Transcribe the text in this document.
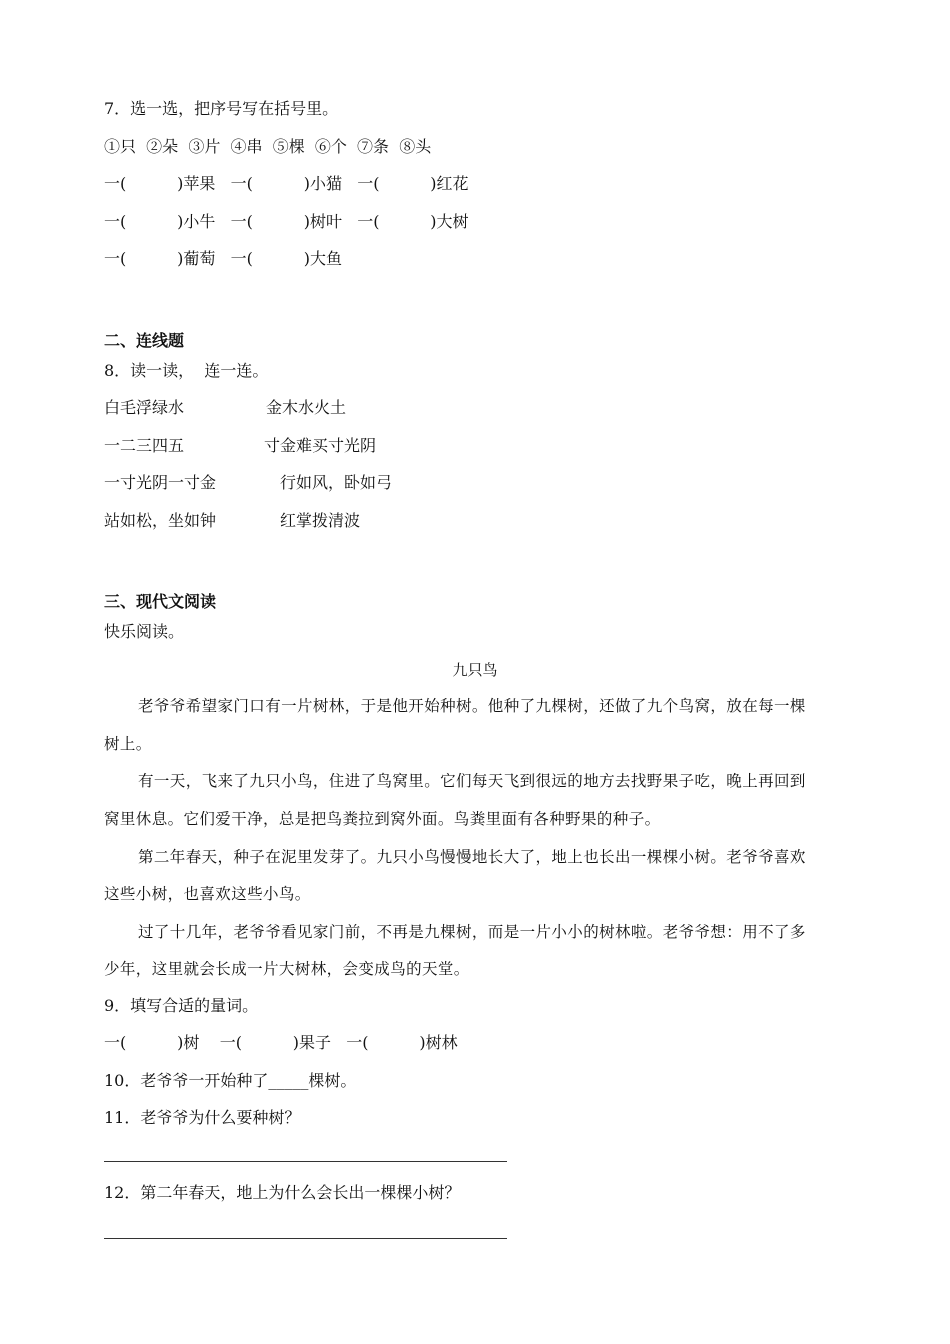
7．选一选，把序号写在括号里。
①只  ②朵  ③片  ④串  ⑤棵  ⑥个  ⑦条  ⑧头
一(          )苹果   一(          )小猫   一(          )红花
一(          )小牛   一(          )树叶   一(          )大树
一(          )葡萄   一(          )大鱼
二、连线题
8．读一读，  连一连。
白毛浮绿水	金木水火土
一二三四五	寸金难买寸光阴
一寸光阴一寸金	行如风，卧如弓
站如松，坐如钟	红掌拨清波
三、现代文阅读
快乐阅读。
九只鸟
老爷爷希望家门口有一片树林，于是他开始种树。他种了九棵树，还做了九个鸟窝，放在每一棵
树上。
有一天，飞来了九只小鸟，住进了鸟窝里。它们每天飞到很远的地方去找野果子吃，晚上再回到
窝里休息。它们爱干净，总是把鸟粪拉到窝外面。鸟粪里面有各种野果的种子。
第二年春天，种子在泥里发芽了。九只小鸟慢慢地长大了，地上也长出一棵棵小树。老爷爷喜欢
这些小树，也喜欢这些小鸟。
过了十几年，老爷爷看见家门前，不再是九棵树，而是一片小小的树林啦。老爷爷想：用不了多
少年，这里就会长成一片大树林，会变成鸟的天堂。
9．填写合适的量词。
一(          )树    一(          )果子   一(          )树林
10．老爷爷一开始种了_____棵树。
11．老爷爷为什么要种树？
12．第二年春天，地上为什么会长出一棵棵小树？
